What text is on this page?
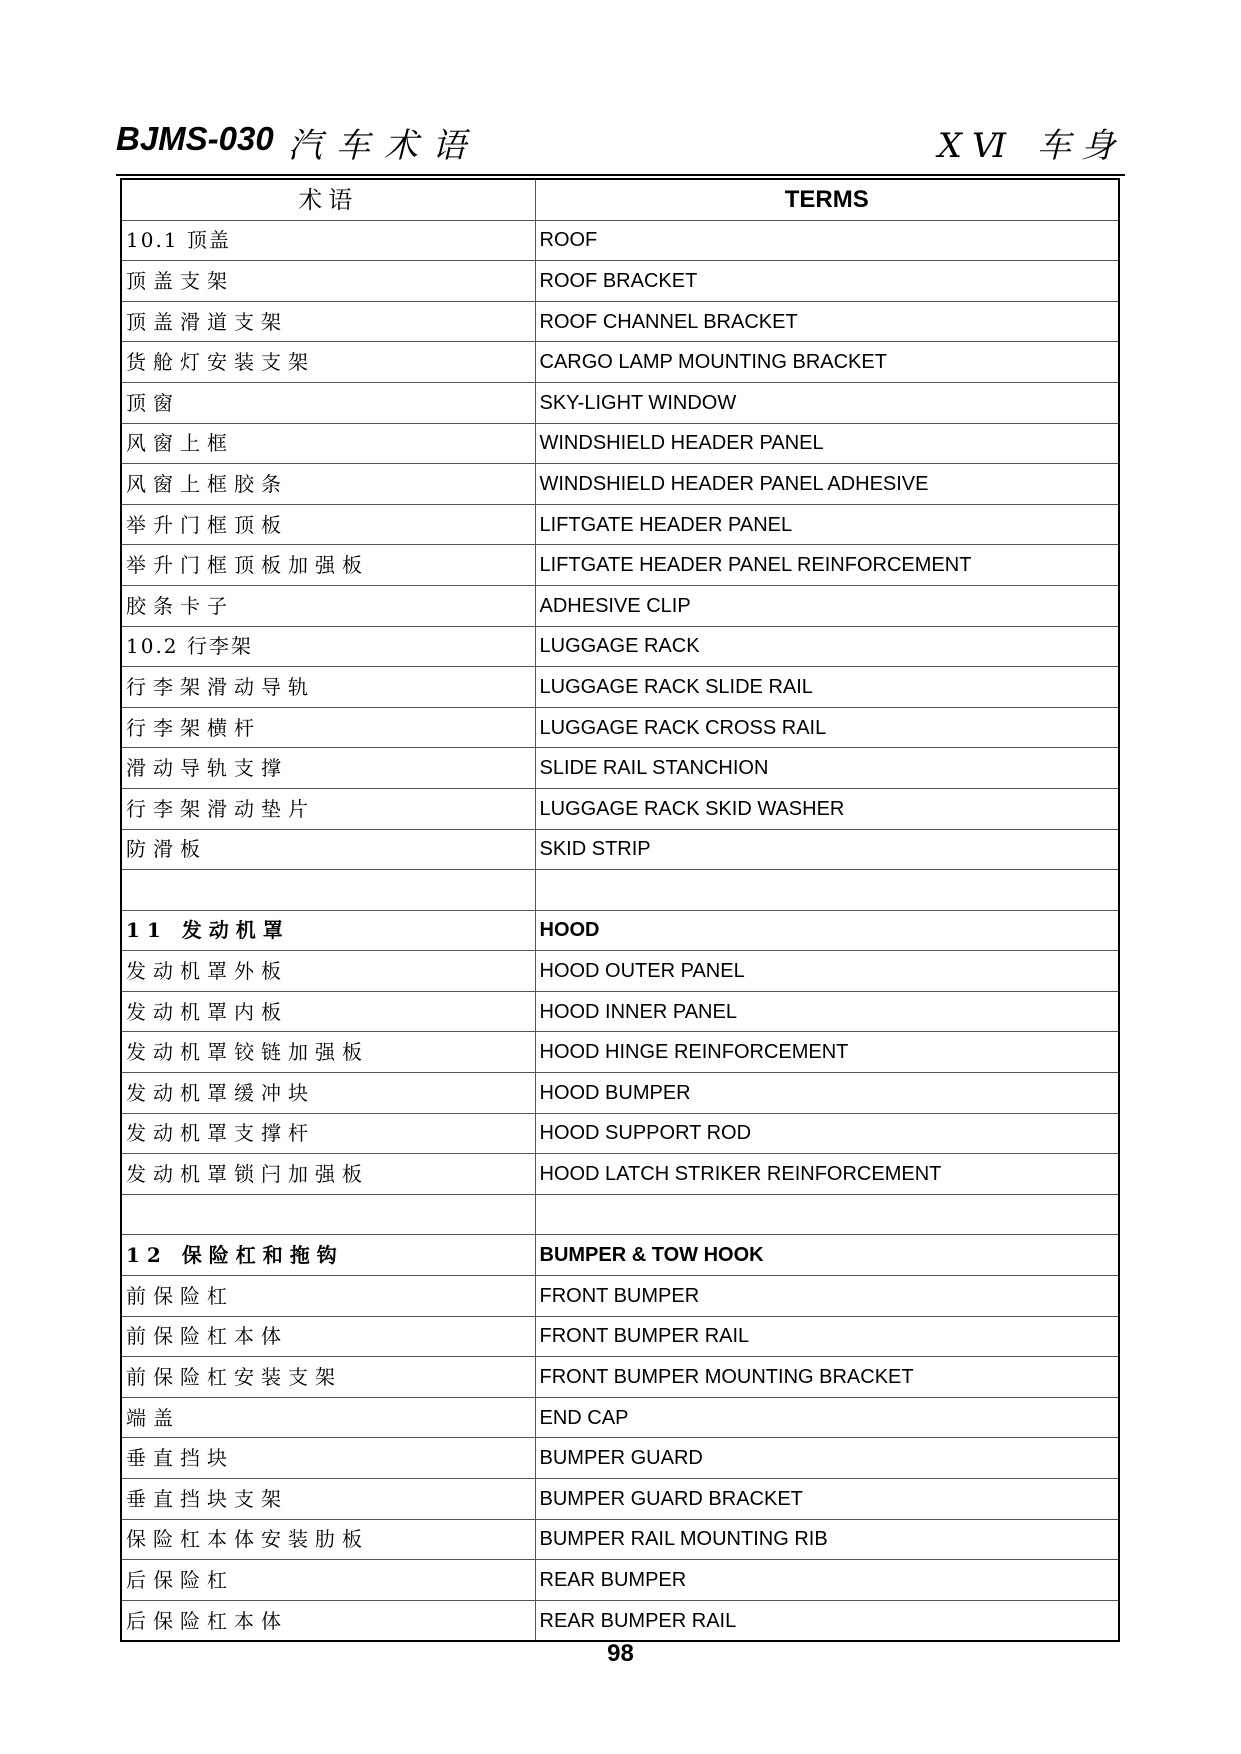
BJMS-030 汽车术语	XⅥ 车身
术语	TERMS
10.1 顶盖	ROOF
顶盖支架	ROOF BRACKET
顶盖滑道支架	ROOF CHANNEL BRACKET
货舱灯安装支架	CARGO LAMP MOUNTING BRACKET
顶窗	SKY-LIGHT WINDOW
风窗上框	WINDSHIELD HEADER PANEL
风窗上框胶条	WINDSHIELD HEADER PANEL ADHESIVE
举升门框顶板	LIFTGATE HEADER PANEL
举升门框顶板加强板	LIFTGATE HEADER PANEL REINFORCEMENT
胶条卡子	ADHESIVE CLIP
10.2 行李架	LUGGAGE RACK
行李架滑动导轨	LUGGAGE RACK SLIDE RAIL
行李架横杆	LUGGAGE RACK CROSS RAIL
滑动导轨支撑	SLIDE RAIL STANCHION
行李架滑动垫片	LUGGAGE RACK SKID WASHER
防滑板	SKID STRIP

11 发动机罩	HOOD
发动机罩外板	HOOD OUTER PANEL
发动机罩内板	HOOD INNER PANEL
发动机罩铰链加强板	HOOD HINGE REINFORCEMENT
发动机罩缓冲块	HOOD BUMPER
发动机罩支撑杆	HOOD SUPPORT ROD
发动机罩锁闩加强板	HOOD LATCH STRIKER REINFORCEMENT

12 保险杠和拖钩	BUMPER & TOW HOOK
前保险杠	FRONT BUMPER
前保险杠本体	FRONT BUMPER RAIL
前保险杠安装支架	FRONT BUMPER MOUNTING BRACKET
端盖	END CAP
垂直挡块	BUMPER GUARD
垂直挡块支架	BUMPER GUARD BRACKET
保险杠本体安装肋板	BUMPER RAIL MOUNTING RIB
后保险杠	REAR BUMPER
后保险杠本体	REAR BUMPER RAIL
98
